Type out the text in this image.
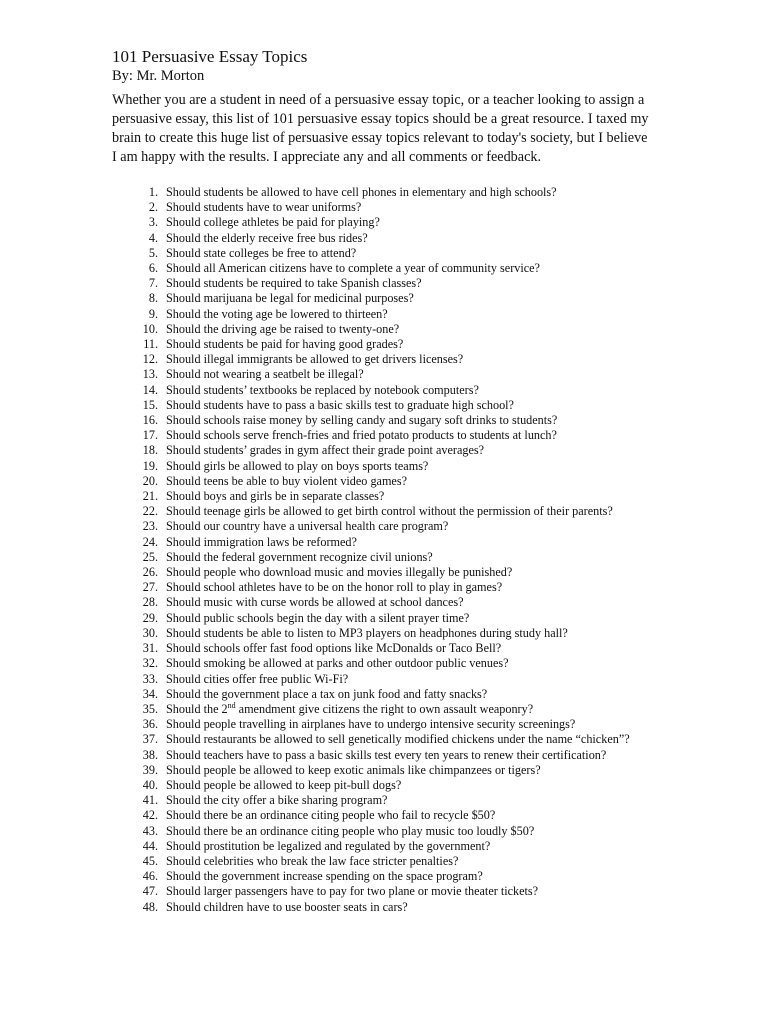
101 Persuasive Essay Topics
By: Mr. Morton

Whether you are a student in need of a persuasive essay topic, or a teacher looking to assign a persuasive essay, this list of 101 persuasive essay topics should be a great resource. I taxed my brain to create this huge list of persuasive essay topics relevant to today's society, but I believe I am happy with the results. I appreciate any and all comments or feedback.

1. Should students be allowed to have cell phones in elementary and high schools?
2. Should students have to wear uniforms?
3. Should college athletes be paid for playing?
4. Should the elderly receive free bus rides?
5. Should state colleges be free to attend?
6. Should all American citizens have to complete a year of community service?
7. Should students be required to take Spanish classes?
8. Should marijuana be legal for medicinal purposes?
9. Should the voting age be lowered to thirteen?
10. Should the driving age be raised to twenty-one?
11. Should students be paid for having good grades?
12. Should illegal immigrants be allowed to get drivers licenses?
13. Should not wearing a seatbelt be illegal?
14. Should students’ textbooks be replaced by notebook computers?
15. Should students have to pass a basic skills test to graduate high school?
16. Should schools raise money by selling candy and sugary soft drinks to students?
17. Should schools serve french-fries and fried potato products to students at lunch?
18. Should students’ grades in gym affect their grade point averages?
19. Should girls be allowed to play on boys sports teams?
20. Should teens be able to buy violent video games?
21. Should boys and girls be in separate classes?
22. Should teenage girls be allowed to get birth control without the permission of their parents?
23. Should our country have a universal health care program?
24. Should immigration laws be reformed?
25. Should the federal government recognize civil unions?
26. Should people who download music and movies illegally be punished?
27. Should school athletes have to be on the honor roll to play in games?
28. Should music with curse words be allowed at school dances?
29. Should public schools begin the day with a silent prayer time?
30. Should students be able to listen to MP3 players on headphones during study hall?
31. Should schools offer fast food options like McDonalds or Taco Bell?
32. Should smoking be allowed at parks and other outdoor public venues?
33. Should cities offer free public Wi-Fi?
34. Should the government place a tax on junk food and fatty snacks?
35. Should the 2nd amendment give citizens the right to own assault weaponry?
36. Should people travelling in airplanes have to undergo intensive security screenings?
37. Should restaurants be allowed to sell genetically modified chickens under the name “chicken”?
38. Should teachers have to pass a basic skills test every ten years to renew their certification?
39. Should people be allowed to keep exotic animals like chimpanzees or tigers?
40. Should people be allowed to keep pit-bull dogs?
41. Should the city offer a bike sharing program?
42. Should there be an ordinance citing people who fail to recycle $50?
43. Should there be an ordinance citing people who play music too loudly $50?
44. Should prostitution be legalized and regulated by the government?
45. Should celebrities who break the law face stricter penalties?
46. Should the government increase spending on the space program?
47. Should larger passengers have to pay for two plane or movie theater tickets?
48. Should children have to use booster seats in cars?
